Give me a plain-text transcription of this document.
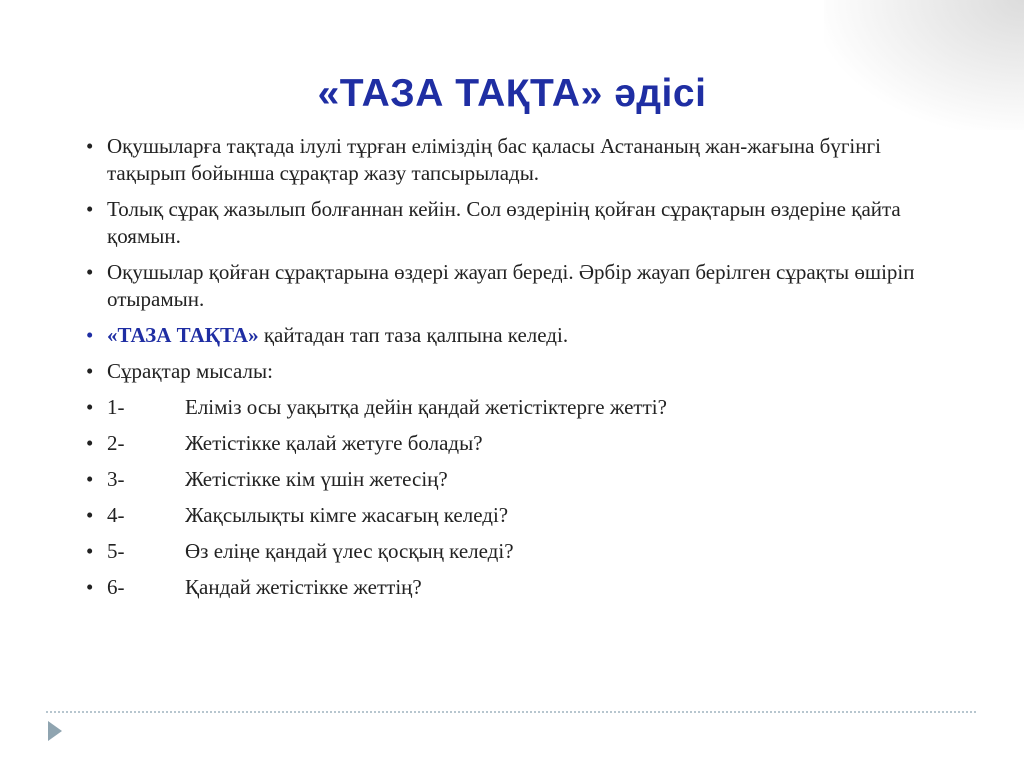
«ТАЗА ТАҚТА» әдісі
• Оқушыларға тақтада ілулі тұрған еліміздің бас қаласы Астананың жан-жағына бүгінгі тақырып бойынша сұрақтар жазу тапсырылады.
• Толық сұрақ жазылып болғаннан кейін. Сол өздерінің қойған сұрақтарын өздеріне қайта қоямын.
• Оқушылар қойған сұрақтарына өздері жауап береді. Әрбір жауап берілген сұрақты өшіріп отырамын.
• «ТАЗА ТАҚТА» қайтадан тап таза қалпына келеді.
• Сұрақтар мысалы:
• 1-	Еліміз осы уақытқа дейін қандай жетістіктерге жетті?
• 2-	Жетістікке қалай жетуге болады?
• 3-	Жетістікке кім үшін жетесің?
• 4-	Жақсылықты кімге жасағың келеді?
• 5-	Өз еліңе қандай үлес қосқың келеді?
• 6-	Қандай жетістікке жеттің?
